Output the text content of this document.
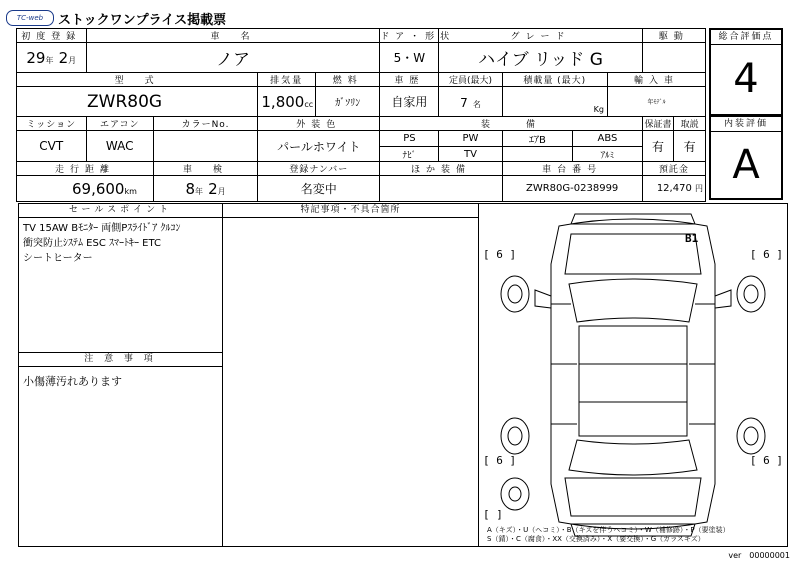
TC-web	ストックワンプライス掲載票
初度登録	車　名				ドア・形状	グレード				駆動	
29年 2月	ノア				5・W	ハイブ リッド G					
型　式			排気量	燃料	車歴	定員(最大)	積載量 (最大)		輸入車		
ZWR80G			1,800cc	ｶﾞｿﾘﾝ	自家用	7 名	Kg		年ﾓﾃﾞﾙ		
ミッション	エアコン	カラーNo.	外装色		装　　備					保証書	取説
CVT	WAC		パールホワイト		PS	PW	ｴｱB	ABS		有	有
					ﾅﾋﾞ	TV		ｱﾙﾐ			
走行距離		車　検	登録ナンバー		ほか装備		車台番号			預託金	
69,600km		8年 2月	名変中				ZWR80G-0238999			12,470 円	
総合評価点
4
内装評価
A
セールスポイント
TV 15AW Bﾓﾆﾀｰ 両側Pｽﾗｲﾄﾞｱ ｸﾙｺﾝ
衝突防止ｼｽﾃﾑ ESC ｽﾏｰﾄｷｰ ETC
シートヒーター
特記事項・不具合箇所
注 意 事 項
小傷薄汚れあります
[ 6 ]	[ 6 ]
[ 6 ]	[ 6 ]
[ ]
B1
A（キズ）・U（ヘコミ）・B（キズを伴うヘコミ）・W（補修跡）・P（要塗装）
S（錆）・C（腐食）・XX（交換済み）・X（要交換）・G（ガラスキズ）
ver　00000001
